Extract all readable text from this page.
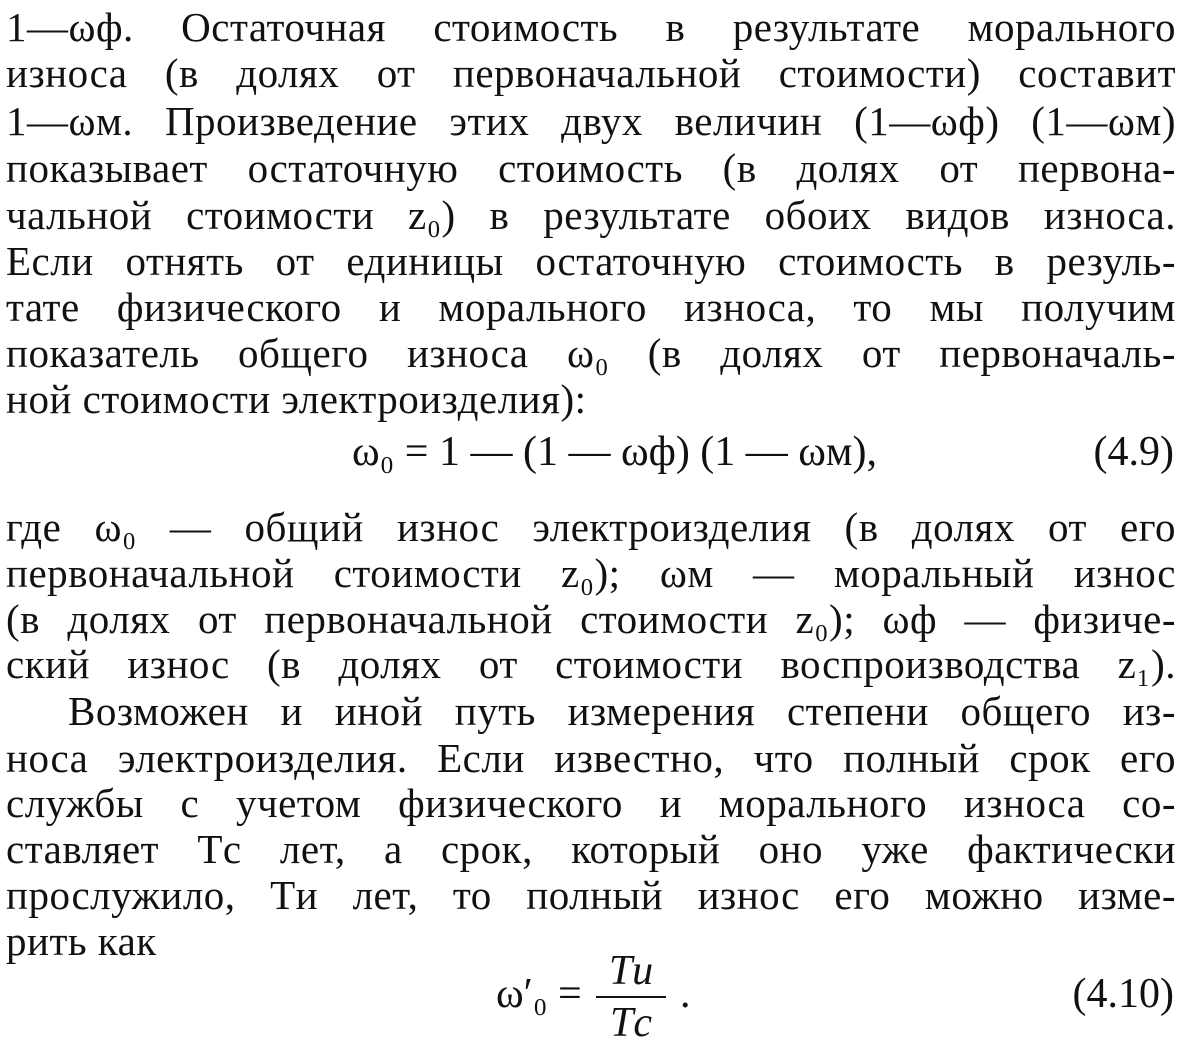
1—ωф. Остаточная стоимость в результате морального
износа (в долях от первоначальной стоимости) составит
1—ωм. Произведение этих двух величин (1—ωф) (1—ωм)
показывает остаточную стоимость (в долях от первона-
чальной стоимости z₀) в результате обоих видов износа.
Если отнять от единицы остаточную стоимость в резуль-
тате физического и морального износа, то мы получим
показатель общего износа ω₀ (в долях от первоначаль-
ной стоимости электроизделия):
ω₀ = 1 — (1 — ωф) (1 — ωм),	(4.9)
где ω₀ — общий износ электроизделия (в долях от его
первоначальной стоимости z₀); ωм — моральный износ
(в долях от первоначальной стоимости z₀); ωф — физиче-
ский износ (в долях от стоимости воспроизводства z₁).
Возможен и иной путь измерения степени общего из-
носа электроизделия. Если известно, что полный срок его
службы с учетом физического и морального износа со-
ставляет Tс лет, а срок, который оно уже фактически
прослужило, Tи лет, то полный износ его можно изме-
рить как
ω′₀ = Tи
Tс
.	(4.10)
